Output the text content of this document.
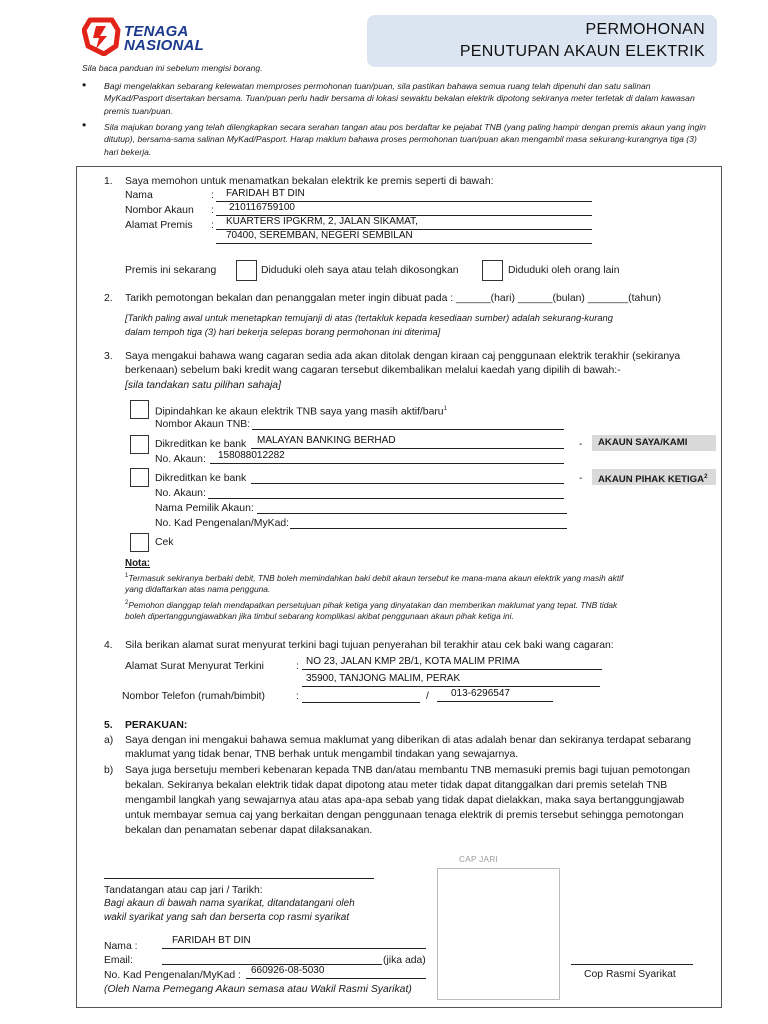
TENAGA
NASIONAL
PERMOHONAN
PENUTUPAN AKAUN ELEKTRIK
Sila baca panduan ini sebelum mengisi borang.
• Bagi mengelakkan sebarang kelewatan memproses permohonan tuan/puan, sila pastikan bahawa semua ruang telah dipenuhi dan satu salinan MyKad/Pasport disertakan bersama. Tuan/puan perlu hadir bersama di lokasi sewaktu bekalan elektrik dipotong sekiranya meter terletak di dalam kawasan premis tuan/puan.
• Sila majukan borang yang telah dilengkapkan secara serahan tangan atau pos berdaftar ke pejabat TNB (yang paling hampir dengan premis akaun yang ingin ditutup), bersama-sama salinan MyKad/Pasport. Harap maklum bahawa proses permohonan tuan/puan akan mengambil masa sekurang-kurangnya tiga (3) hari bekerja.
1. Saya memohon untuk menamatkan bekalan elektrik ke premis seperti di bawah:
Nama	: FARIDAH BT DIN
Nombor Akaun : 210116759100
Alamat Premis : KUARTERS IPGKRM, 2, JALAN SIKAMAT,
70400, SEREMBAN, NEGERI SEMBILAN
Premis ini sekarang	Diduduki oleh saya atau telah dikosongkan	Diduduki oleh orang lain
2. Tarikh pemotongan bekalan dan penanggalan meter ingin dibuat pada : ______(hari) ______(bulan) _______(tahun)
[Tarikh paling awal untuk menetapkan temujanji di atas (tertakluk kepada kesediaan sumber) adalah sekurang-kurang
dalam tempoh tiga (3) hari bekerja selepas borang permohonan ini diterima]
3. Saya mengakui bahawa wang cagaran sedia ada akan ditolak dengan kiraan caj penggunaan elektrik terakhir (sekiranya
berkenaan) sebelum baki kredit wang cagaran tersebut dikembalikan melalui kaedah yang dipilih di bawah:-
[sila tandakan satu pilihan sahaja]
Dipindahkan ke akaun elektrik TNB saya yang masih aktif/baru$^1$
Nombor Akaun TNB:
Dikreditkan ke bank MALAYAN BANKING BERHAD	-	AKAUN SAYA/KAMI
No. Akaun: 158088012282
Dikreditkan ke bank	-	AKAUN PIHAK KETIGA$^2$
No. Akaun:
Nama Pemilik Akaun:
No. Kad Pengenalan/MyKad:
Cek
Nota:
$^1$Termasuk sekiranya berbaki debit, TNB boleh memindahkan baki debit akaun tersebut ke mana-mana akaun elektrik yang masih aktif
yang didaftarkan atas nama pengguna.
$^2$Pemohon dianggap telah mendapatkan persetujuan pihak ketiga yang dinyatakan dan memberikan maklumat yang tepat. TNB tidak
boleh dipertanggungjawabkan jika timbul sebarang komplikasi akibat penggunaan akaun pihak ketiga ini.
4. Sila berikan alamat surat menyurat terkini bagi tujuan penyerahan bil terakhir atau cek baki wang cagaran:
Alamat Surat Menyurat Terkini	: NO 23, JALAN KMP 2B/1, KOTA MALIM PRIMA
35900, TANJONG MALIM, PERAK
Nombor Telefon (rumah/bimbit)	:	/ 013-6296547
5. PERAKUAN:
a) Saya dengan ini mengakui bahawa semua maklumat yang diberikan di atas adalah benar dan sekiranya terdapat sebarang
maklumat yang tidak benar, TNB berhak untuk mengambil tindakan yang sewajarnya.
b) Saya juga bersetuju memberi kebenaran kepada TNB dan/atau membantu TNB memasuki premis bagi tujuan pemotongan
bekalan. Sekiranya bekalan elektrik tidak dapat dipotong atau meter tidak dapat ditanggalkan dari premis setelah TNB
mengambil langkah yang sewajarnya atau atas apa-apa sebab yang tidak dapat dielakkan, maka saya bertanggungjawab
untuk membayar semua caj yang berkaitan dengan penggunaan tenaga elektrik di premis tersebut sehingga pemotongan
bekalan dan penamatan sebenar dapat dilaksanakan.
CAP JARI
Tandatangan atau cap jari / Tarikh:
Bagi akaun di bawah nama syarikat, ditandatangani oleh
wakil syarikat yang sah dan berserta cop rasmi syarikat
Nama :
FARIDAH BT DIN
Email:	(jika ada)
No. Kad Pengenalan/MyKad : 660926-08-5030
(Oleh Nama Pemegang Akaun semasa atau Wakil Rasmi Syarikat)
Cop Rasmi Syarikat
